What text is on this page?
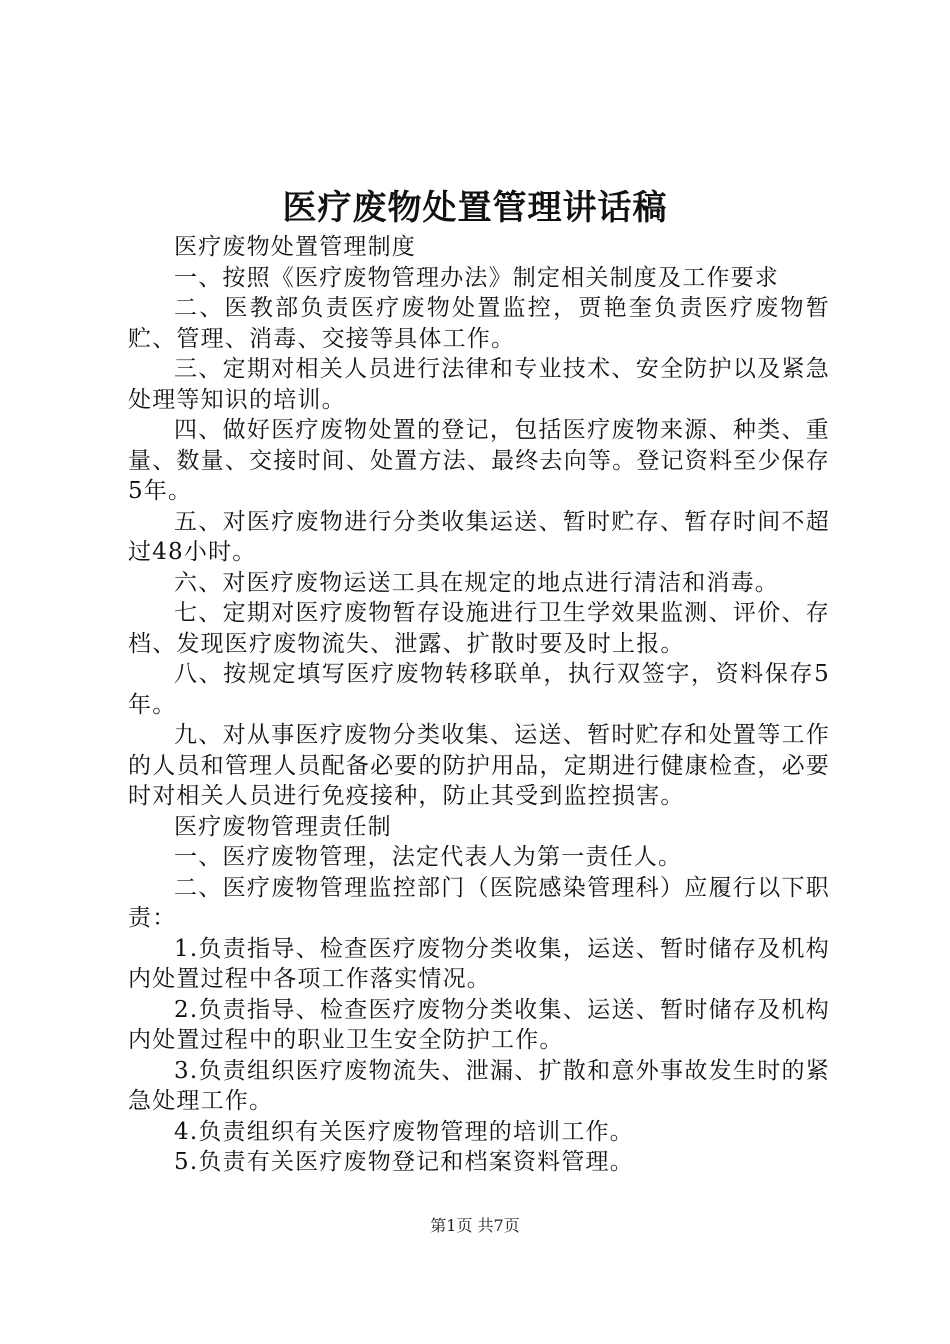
医疗废物处置管理讲话稿

医疗废物处置管理制度

一、按照《医疗废物管理办法》制定相关制度及工作要求

二、医教部负责医疗废物处置监控，贾艳奎负责医疗废物暂贮、管理、消毒、交接等具体工作。

三、定期对相关人员进行法律和专业技术、安全防护以及紧急处理等知识的培训。

四、做好医疗废物处置的登记，包括医疗废物来源、种类、重量、数量、交接时间、处置方法、最终去向等。登记资料至少保存5年。

五、对医疗废物进行分类收集运送、暂时贮存、暂存时间不超过48小时。

六、对医疗废物运送工具在规定的地点进行清洁和消毒。

七、定期对医疗废物暂存设施进行卫生学效果监测、评价、存档、发现医疗废物流失、泄露、扩散时要及时上报。

八、按规定填写医疗废物转移联单，执行双签字，资料保存5年。

九、对从事医疗废物分类收集、运送、暂时贮存和处置等工作的人员和管理人员配备必要的防护用品，定期进行健康检查，必要时对相关人员进行免疫接种，防止其受到监控损害。

医疗废物管理责任制

一、医疗废物管理，法定代表人为第一责任人。

二、医疗废物管理监控部门（医院感染管理科）应履行以下职责：

1.负责指导、检查医疗废物分类收集，运送、暂时储存及机构内处置过程中各项工作落实情况。

2.负责指导、检查医疗废物分类收集、运送、暂时储存及机构内处置过程中的职业卫生安全防护工作。

3.负责组织医疗废物流失、泄漏、扩散和意外事故发生时的紧急处理工作。

4.负责组织有关医疗废物管理的培训工作。

5.负责有关医疗废物登记和档案资料管理。

第1页 共7页
